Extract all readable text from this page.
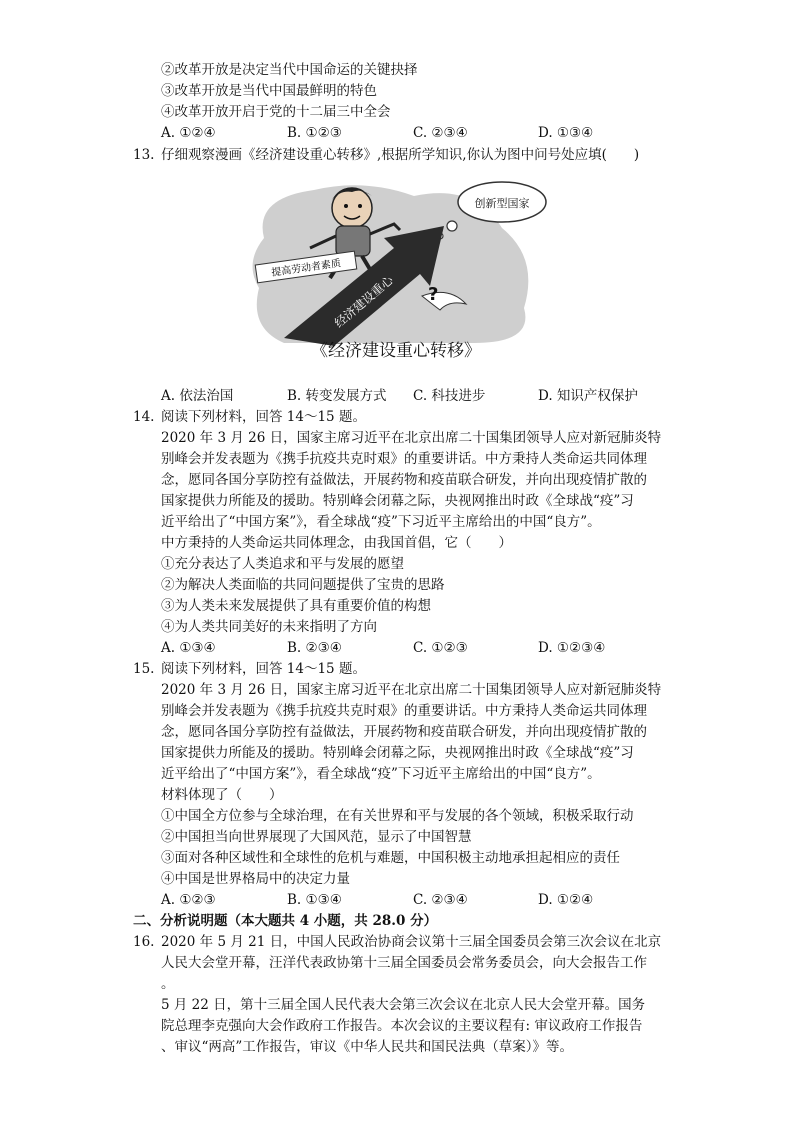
②改革开放是决定当代中国命运的关键抉择
③改革开放是当代中国最鲜明的特色
④改革开放开启于党的十二届三中全会
A. ①②④	B. ①②③	C. ②③④	D. ①③④
13. 仔细观察漫画《经济建设重心转移》,根据所学知识,你认为图中问号处应填(　　)
创新型国家
经济建设重心
提高劳动者素质
?
《经济建设重心转移》
A. 依法治国	B. 转变发展方式 C. 科技进步	D. 知识产权保护
14. 阅读下列材料，回答 14～15 题。
2020 年 3 月 26 日，国家主席习近平在北京出席二十国集团领导人应对新冠肺炎特
别峰会并发表题为《携手抗疫共克时艰》的重要讲话。中方秉持人类命运共同体理
念，愿同各国分享防控有益做法，开展药物和疫苗联合研发，并向出现疫情扩散的
国家提供力所能及的援助。特别峰会闭幕之际，央视网推出时政《全球战“疫”习
近平给出了“中国方案”》，看全球战“疫”下习近平主席给出的中国“良方”。
中方秉持的人类命运共同体理念，由我国首倡，它（　　）
①充分表达了人类追求和平与发展的愿望
②为解决人类面临的共同问题提供了宝贵的思路
③为人类未来发展提供了具有重要价值的构想
④为人类共同美好的未来指明了方向
A. ①③④	B. ②③④	C. ①②③	D. ①②③④
15. 阅读下列材料，回答 14～15 题。
2020 年 3 月 26 日，国家主席习近平在北京出席二十国集团领导人应对新冠肺炎特
别峰会并发表题为《携手抗疫共克时艰》的重要讲话。中方秉持人类命运共同体理
念，愿同各国分享防控有益做法，开展药物和疫苗联合研发，并向出现疫情扩散的
国家提供力所能及的援助。特别峰会闭幕之际，央视网推出时政《全球战“疫”习
近平给出了“中国方案”》，看全球战“疫”下习近平主席给出的中国“良方”。
材料体现了（　　）
①中国全方位参与全球治理，在有关世界和平与发展的各个领域，积极采取行动
②中国担当向世界展现了大国风范，显示了中国智慧
③面对各种区域性和全球性的危机与难题，中国积极主动地承担起相应的责任
④中国是世界格局中的决定力量
A. ①②③	B. ①③④	C. ②③④	D. ①②④
二、分析说明题（本大题共 4 小题，共 28.0 分）
16. 2020 年 5 月 21 日，中国人民政治协商会议第十三届全国委员会第三次会议在北京
人民大会堂开幕，汪洋代表政协第十三届全国委员会常务委员会，向大会报告工作
。
5 月 22 日，第十三届全国人民代表大会第三次会议在北京人民大会堂开幕。国务
院总理李克强向大会作政府工作报告。本次会议的主要议程有: 审议政府工作报告
、审议“两高”工作报告，审议《中华人民共和国民法典（草案）》等。
